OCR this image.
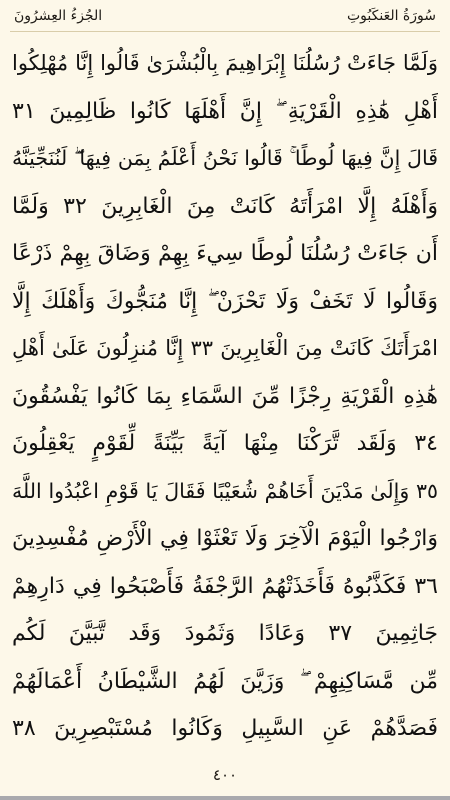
الجُزءُ العِشرُونَ	سُورَةُ العَنكَبُوتِ
وَلَمَّا جَاءَتْ رُسُلُنَا إِبْرَاهِيمَ بِالْبُشْرَىٰ قَالُوا إِنَّا مُهْلِكُوا
أَهْلِ هَٰذِهِ الْقَرْيَةِ ۖ إِنَّ أَهْلَهَا كَانُوا ظَالِمِينَ ٣١
قَالَ إِنَّ فِيهَا لُوطًا ۚ قَالُوا نَحْنُ أَعْلَمُ بِمَن فِيهَا ۖ لَنُنَجِّيَنَّهُ
وَأَهْلَهُ إِلَّا امْرَأَتَهُ كَانَتْ مِنَ الْغَابِرِينَ ٣٢ وَلَمَّا
أَن جَاءَتْ رُسُلُنَا لُوطًا سِيءَ بِهِمْ وَضَاقَ بِهِمْ ذَرْعًا
وَقَالُوا لَا تَخَفْ وَلَا تَحْزَنْ ۖ إِنَّا مُنَجُّوكَ وَأَهْلَكَ إِلَّا
امْرَأَتَكَ كَانَتْ مِنَ الْغَابِرِينَ ٣٣ إِنَّا مُنزِلُونَ عَلَىٰ أَهْلِ
هَٰذِهِ الْقَرْيَةِ رِجْزًا مِّنَ السَّمَاءِ بِمَا كَانُوا يَفْسُقُونَ
٣٤ وَلَقَد تَّرَكْنَا مِنْهَا آيَةً بَيِّنَةً لِّقَوْمٍ يَعْقِلُونَ
٣٥ وَإِلَىٰ مَدْيَنَ أَخَاهُمْ شُعَيْبًا فَقَالَ يَا قَوْمِ اعْبُدُوا اللَّهَ
وَارْجُوا الْيَوْمَ الْآخِرَ وَلَا تَعْثَوْا فِي الْأَرْضِ مُفْسِدِينَ
٣٦ فَكَذَّبُوهُ فَأَخَذَتْهُمُ الرَّجْفَةُ فَأَصْبَحُوا فِي دَارِهِمْ
جَاثِمِينَ ٣٧ وَعَادًا وَثَمُودَ وَقَد تَّبَيَّنَ لَكُم
مِّن مَّسَاكِنِهِمْ ۖ وَزَيَّنَ لَهُمُ الشَّيْطَانُ أَعْمَالَهُمْ
فَصَدَّهُمْ عَنِ السَّبِيلِ وَكَانُوا مُسْتَبْصِرِينَ ٣٨
٤٠٠
